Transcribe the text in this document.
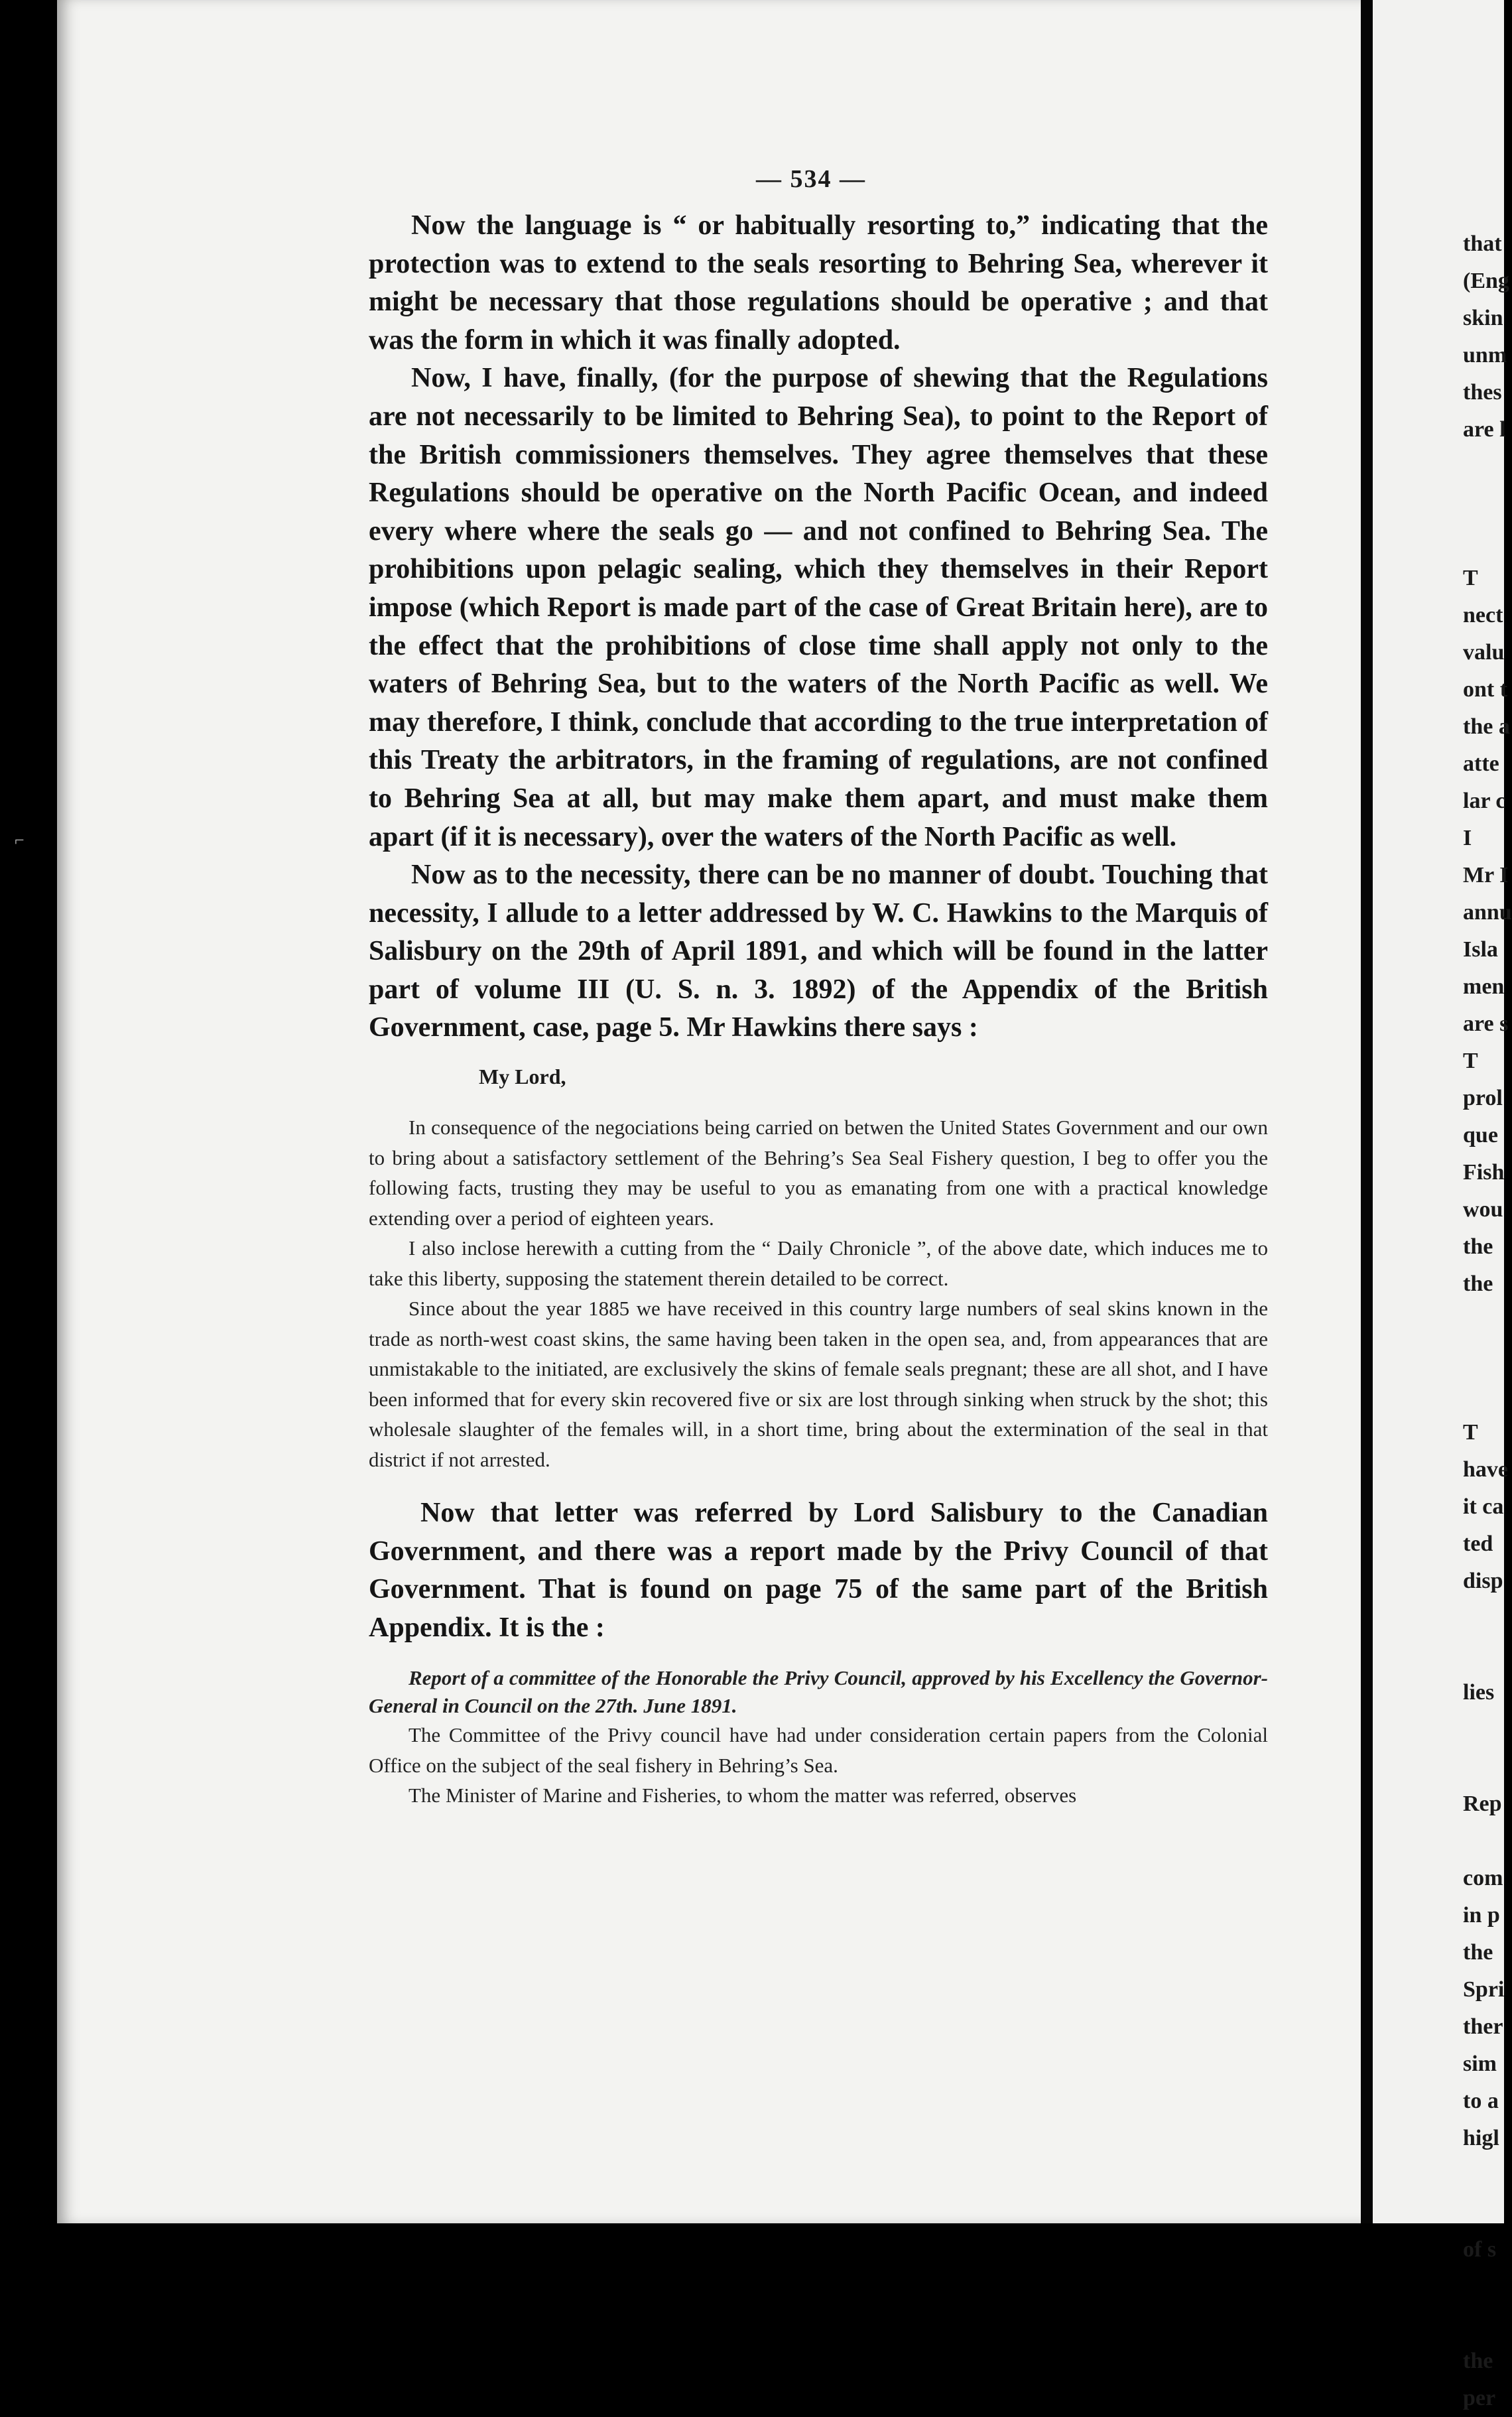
⌐
— 534 —

Now the language is “ or habitually resorting to,” indicating that the protection was to extend to the seals resorting to Behring Sea, wherever it might be necessary that those regulations should be operative ; and that was the form in which it was finally adopted.

Now, I have, finally, (for the purpose of shewing that the Regulations are not necessarily to be limited to Behring Sea), to point to the Report of the British commissioners themselves. They agree themselves that these Regulations should be operative on the North Pacific Ocean, and indeed every where where the seals go — and not confined to Behring Sea. The prohibitions upon pelagic sealing, which they themselves in their Report impose (which Report is made part of the case of Great Britain here), are to the effect that the prohibitions of close time shall apply not only to the waters of Behring Sea, but to the waters of the North Pacific as well. We may therefore, I think, conclude that according to the true interpretation of this Treaty the arbitrators, in the framing of regulations, are not confined to Behring Sea at all, but may make them apart, and must make them apart (if it is necessary), over the waters of the North Pacific as well.

Now as to the necessity, there can be no manner of doubt. Touching that necessity, I allude to a letter addressed by W. C. Hawkins to the Marquis of Salisbury on the 29th of April 1891, and which will be found in the latter part of volume III (U. S. n. 3. 1892) of the Appendix of the British Government, case, page 5. Mr Hawkins there says :

My Lord,

In consequence of the negociations being carried on betwen the United States Government and our own to bring about a satisfactory settlement of the Behring’s Sea Seal Fishery question, I beg to offer you the following facts, trusting they may be useful to you as emanating from one with a practical knowledge extending over a period of eighteen years.

I also inclose herewith a cutting from the “ Daily Chronicle ”, of the above date, which induces me to take this liberty, supposing the statement therein detailed to be correct.

Since about the year 1885 we have received in this country large numbers of seal skins known in the trade as north-west coast skins, the same having been taken in the open sea, and, from appearances that are unmistakable to the initiated, are exclusively the skins of female seals pregnant; these are all shot, and I have been informed that for every skin recovered five or six are lost through sinking when struck by the shot; this wholesale slaughter of the females will, in a short time, bring about the extermination of the seal in that district if not arrested.

Now that letter was referred by Lord Salisbury to the Canadian Government, and there was a report made by the Privy Council of that Government. That is found on page 75 of the same part of the British Appendix. It is the :

Report of a committee of the Honorable the Privy Council, approved by his Excellency the Governor-General in Council on the 27th. June 1891.

The Committee of the Privy council have had under consideration certain papers from the Colonial Office on the subject of the seal fishery in Behring’s Sea.

The Minister of Marine and Fisheries, to whom the matter was referred, observes

that
(Eng
skin
unm
thes
are l
T
nect
valu
ont t
the a
atte
lar c
I
Mr I
annu
Isla
men
are s
T
prol
que
Fish
wou
the
the
T
have
it ca
ted
disp
lies
Rep
com
in p
the
Spri
ther
sim
to a
higl
of s
the
per
